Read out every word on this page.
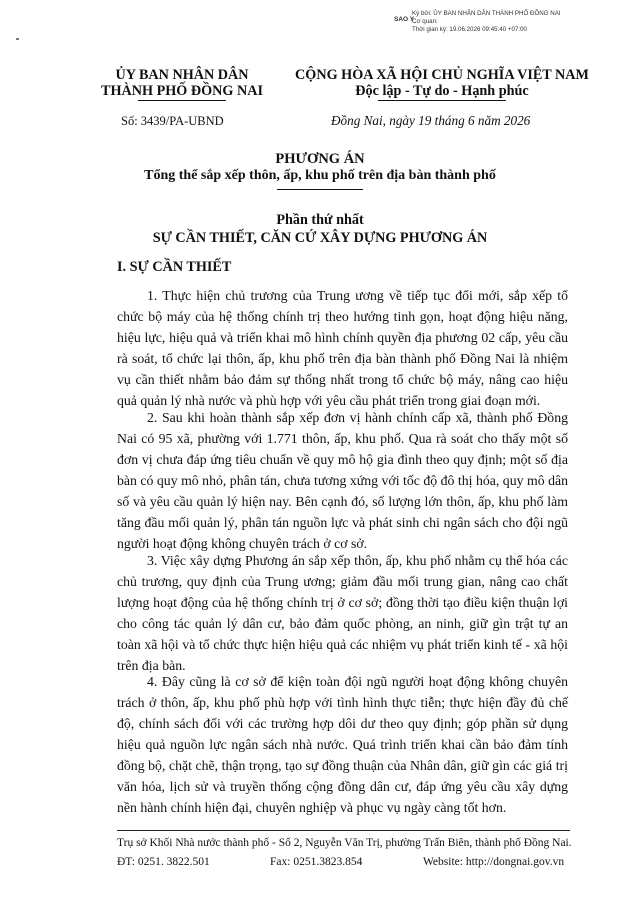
SAO Y
Ký bởi: ỦY BAN NHÂN DÂN THÀNH PHỐ ĐỒNG NAI
Cơ quan:
Thời gian ký: 19.06.2026 09:45:40 +07:00
ỦY BAN NHÂN DÂN
THÀNH PHỐ ĐỒNG NAI
CỘNG HÒA XÃ HỘI CHỦ NGHĨA VIỆT NAM
Độc lập - Tự do - Hạnh phúc
Số: 3439/PA-UBND	Đồng Nai, ngày 19 tháng 6 năm 2026
PHƯƠNG ÁN
Tổng thể sắp xếp thôn, ấp, khu phố trên địa bàn thành phố
Phần thứ nhất
SỰ CẦN THIẾT, CĂN CỨ XÂY DỰNG PHƯƠNG ÁN
I. SỰ CẦN THIẾT
1. Thực hiện chủ trương của Trung ương về tiếp tục đổi mới, sắp xếp tổ chức bộ máy của hệ thống chính trị theo hướng tinh gọn, hoạt động hiệu năng, hiệu lực, hiệu quả và triển khai mô hình chính quyền địa phương 02 cấp, yêu cầu rà soát, tổ chức lại thôn, ấp, khu phố trên địa bàn thành phố Đồng Nai là nhiệm vụ cần thiết nhằm bảo đảm sự thống nhất trong tổ chức bộ máy, nâng cao hiệu quả quản lý nhà nước và phù hợp với yêu cầu phát triển trong giai đoạn mới.
2. Sau khi hoàn thành sắp xếp đơn vị hành chính cấp xã, thành phố Đồng Nai có 95 xã, phường với 1.771 thôn, ấp, khu phố. Qua rà soát cho thấy một số đơn vị chưa đáp ứng tiêu chuẩn về quy mô hộ gia đình theo quy định; một số địa bàn có quy mô nhỏ, phân tán, chưa tương xứng với tốc độ đô thị hóa, quy mô dân số và yêu cầu quản lý hiện nay. Bên cạnh đó, số lượng lớn thôn, ấp, khu phố làm tăng đầu mối quản lý, phân tán nguồn lực và phát sinh chi ngân sách cho đội ngũ người hoạt động không chuyên trách ở cơ sở.
3. Việc xây dựng Phương án sắp xếp thôn, ấp, khu phố nhằm cụ thể hóa các chủ trương, quy định của Trung ương; giảm đầu mối trung gian, nâng cao chất lượng hoạt động của hệ thống chính trị ở cơ sở; đồng thời tạo điều kiện thuận lợi cho công tác quản lý dân cư, bảo đảm quốc phòng, an ninh, giữ gìn trật tự an toàn xã hội và tổ chức thực hiện hiệu quả các nhiệm vụ phát triển kinh tế - xã hội trên địa bàn.
4. Đây cũng là cơ sở để kiện toàn đội ngũ người hoạt động không chuyên trách ở thôn, ấp, khu phố phù hợp với tình hình thực tiễn; thực hiện đầy đủ chế độ, chính sách đối với các trường hợp dôi dư theo quy định; góp phần sử dụng hiệu quả nguồn lực ngân sách nhà nước. Quá trình triển khai cần bảo đảm tính đồng bộ, chặt chẽ, thận trọng, tạo sự đồng thuận của Nhân dân, giữ gìn các giá trị văn hóa, lịch sử và truyền thống cộng đồng dân cư, đáp ứng yêu cầu xây dựng nền hành chính hiện đại, chuyên nghiệp và phục vụ ngày càng tốt hơn.
Trụ sở Khối Nhà nước thành phố - Số 2, Nguyễn Văn Trị, phường Trấn Biên, thành phố Đồng Nai.
ĐT: 0251. 3822.501	Fax: 0251.3823.854	Website: http://dongnai.gov.vn
